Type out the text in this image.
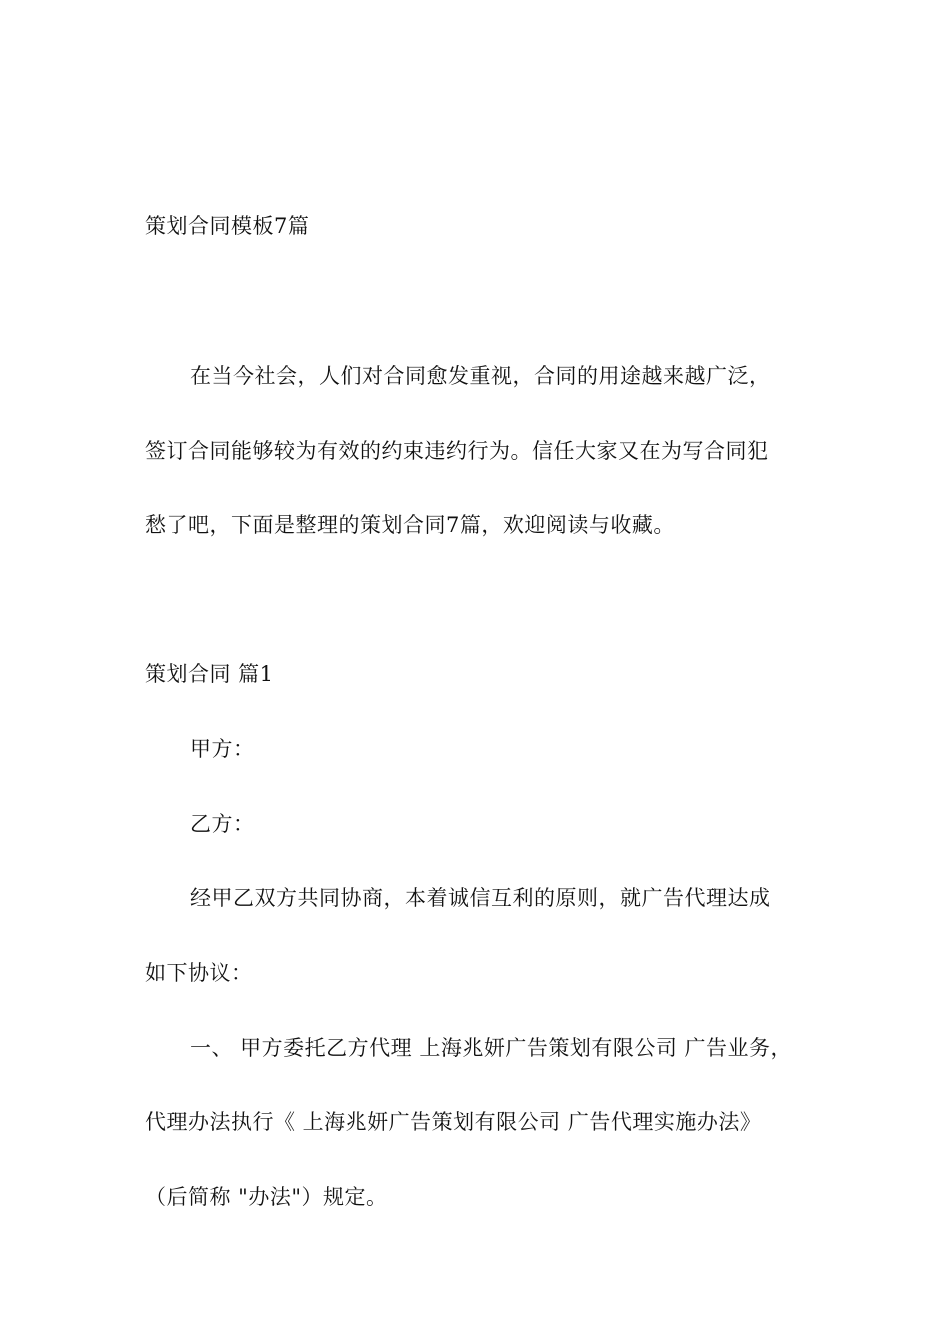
策划合同模板7篇
在当今社会，人们对合同愈发重视，合同的用途越来越广泛，
签订合同能够较为有效的约束违约行为。信任大家又在为写合同犯
愁了吧，下面是整理的策划合同7篇，欢迎阅读与收藏。
策划合同 篇1
甲方：
乙方：
经甲乙双方共同协商，本着诚信互利的原则，就广告代理达成
如下协议：
一、 甲方委托乙方代理 上海兆妍广告策划有限公司 广告业务，
代理办法执行《 上海兆妍广告策划有限公司 广告代理实施办法》
（后简称 "办法"）规定。
